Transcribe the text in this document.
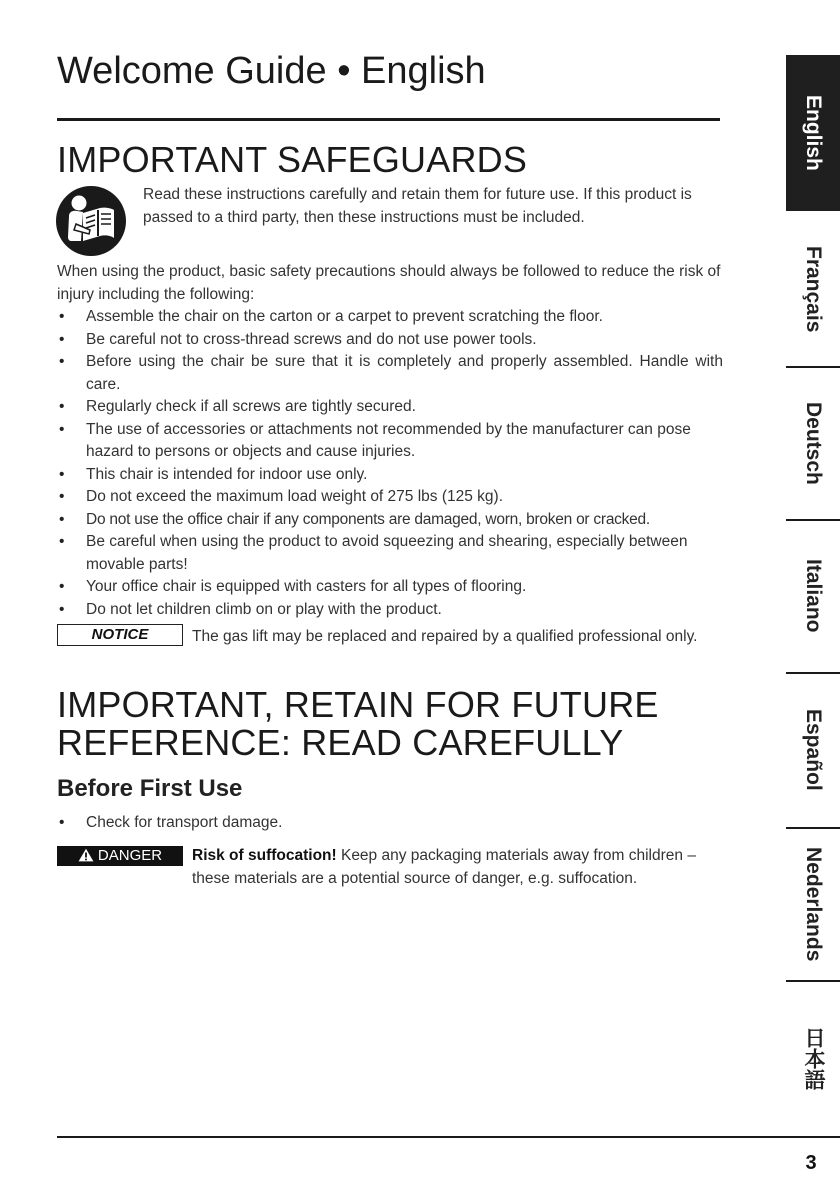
Welcome Guide • English
IMPORTANT SAFEGUARDS
Read these instructions carefully and retain them for future use. If this product is passed to a third party, then these instructions must be included.
When using the product, basic safety precautions should always be followed to reduce the risk of injury including the following:
• Assemble the chair on the carton or a carpet to prevent scratching the floor.
• Be careful not to cross-thread screws and do not use power tools.
• Before using the chair be sure that it is completely and properly assembled. Handle with care.
• Regularly check if all screws are tightly secured.
• The use of accessories or attachments not recommended by the manufacturer can pose hazard to persons or objects and cause injuries.
• This chair is intended for indoor use only.
• Do not exceed the maximum load weight of 275 lbs (125 kg).
• Do not use the office chair if any components are damaged, worn, broken or cracked.
• Be careful when using the product to avoid squeezing and shearing, especially between movable parts!
• Your office chair is equipped with casters for all types of flooring.
• Do not let children climb on or play with the product.
NOTICE	The gas lift may be replaced and repaired by a qualified professional only.
IMPORTANT, RETAIN FOR FUTURE
REFERENCE: READ CAREFULLY
Before First Use
• Check for transport damage.
DANGER	Risk of suffocation! Keep any packaging materials away from children – these materials are a potential source of danger, e.g. suffocation.
English
Français
Deutsch
Italiano
Español
Nederlands
日本語
3
